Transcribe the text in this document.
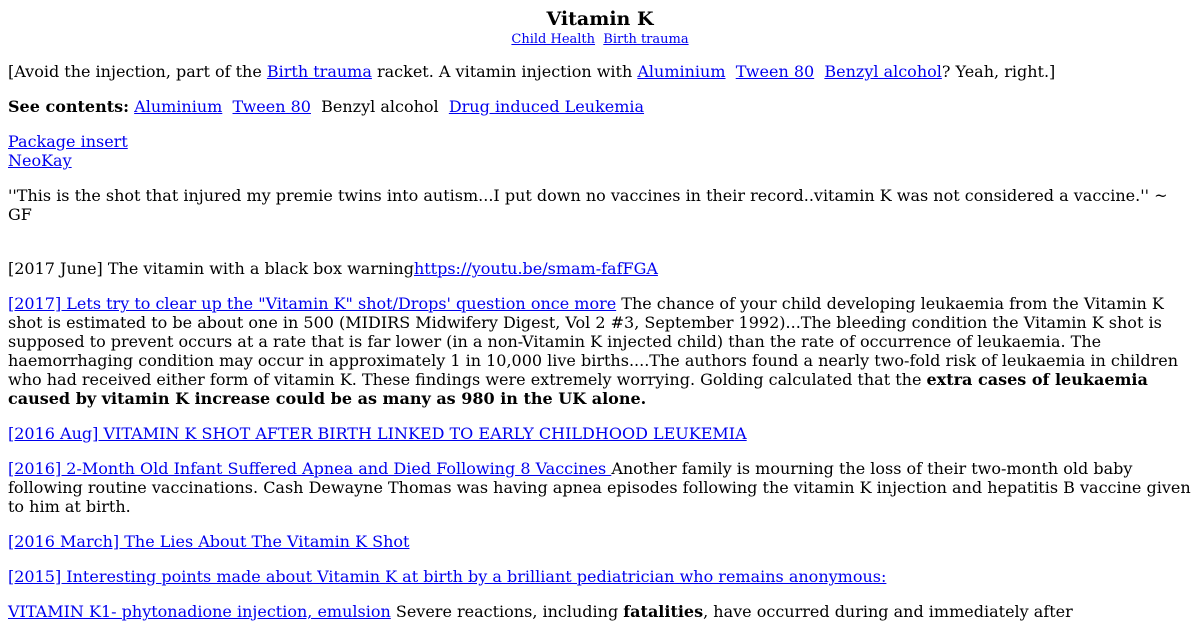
Vitamin K
Child Health Birth trauma

[Avoid the injection, part of the Birth trauma racket. A vitamin injection with Aluminium Tween 80 Benzyl alcohol? Yeah, right.]

See contents: Aluminium Tween 80 Benzyl alcohol Drug induced Leukemia

Package insert

NeoKay

''This is the shot that injured my premie twins into autism...I put down no vaccines in their record..vitamin K was not considered a vaccine.'' ~ GF

[2017 June] The vitamin with a black box warninghttps://youtu.be/smam-fafFGA

[2017] Lets try to clear up the "Vitamin K" shot/Drops' question once more The chance of your child developing leukaemia from the Vitamin K shot is estimated to be about one in 500 (MIDIRS Midwifery Digest, Vol 2 #3, September 1992)...The bleeding condition the Vitamin K shot is supposed to prevent occurs at a rate that is far lower (in a non-Vitamin K injected child) than the rate of occurrence of leukaemia. The haemorrhaging condition may occur in approximately 1 in 10,000 live births....The authors found a nearly two-fold risk of leukaemia in children who had received either form of vitamin K. These findings were extremely worrying. Golding calculated that the extra cases of leukaemia caused by vitamin K increase could be as many as 980 in the UK alone.

[2016 Aug] VITAMIN K SHOT AFTER BIRTH LINKED TO EARLY CHILDHOOD LEUKEMIA

[2016] 2-Month Old Infant Suffered Apnea and Died Following 8 Vaccines Another family is mourning the loss of their two-month old baby following routine vaccinations. Cash Dewayne Thomas was having apnea episodes following the vitamin K injection and hepatitis B vaccine given to him at birth.

[2016 March] The Lies About The Vitamin K Shot

[2015] Interesting points made about Vitamin K at birth by a brilliant pediatrician who remains anonymous:

VITAMIN K1- phytonadione injection, emulsion Severe reactions, including fatalities, have occurred during and immediately after
